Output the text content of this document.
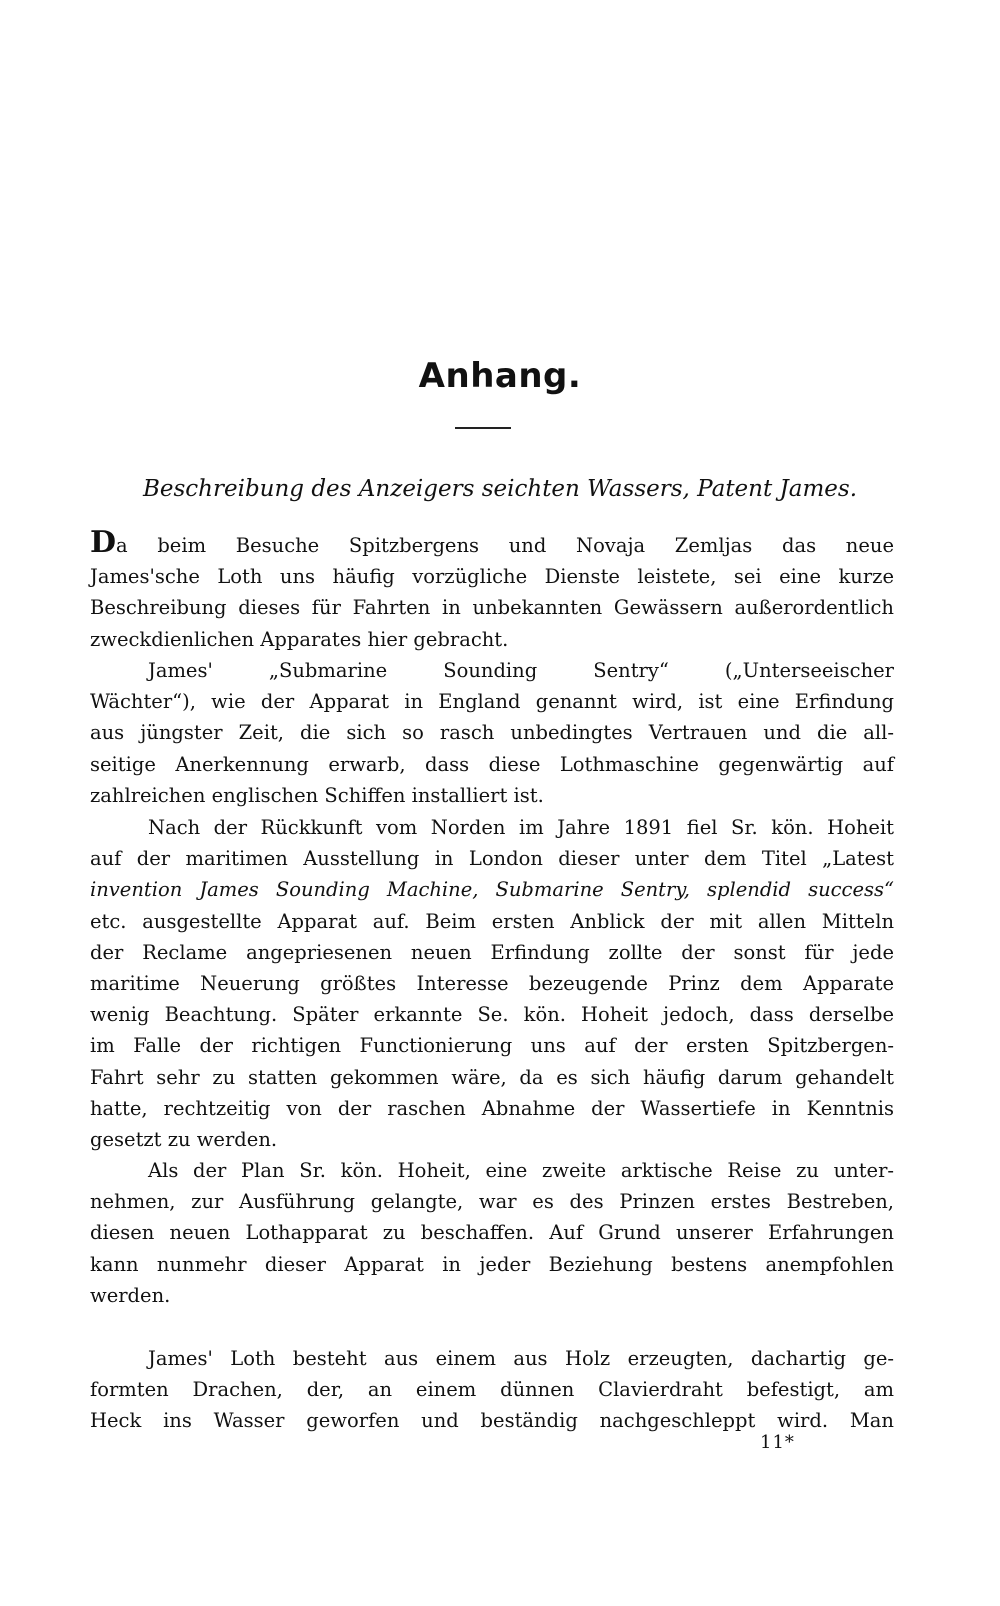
Anhang.
Beschreibung des Anzeigers seichten Wassers, Patent James.
Da beim Besuche Spitzbergens und Novaja Zemljas das neue
James'sche Loth uns häufig vorzügliche Dienste leistete, sei eine kurze
Beschreibung dieses für Fahrten in unbekannten Gewässern außerordentlich
zweckdienlichen Apparates hier gebracht.
James' „Submarine Sounding Sentry“ („Unterseeischer
Wächter“), wie der Apparat in England genannt wird, ist eine Erfindung
aus jüngster Zeit, die sich so rasch unbedingtes Vertrauen und die all-
seitige Anerkennung erwarb, dass diese Lothmaschine gegenwärtig auf
zahlreichen englischen Schiffen installiert ist.
Nach der Rückkunft vom Norden im Jahre 1891 fiel Sr. kön. Hoheit
auf der maritimen Ausstellung in London dieser unter dem Titel „Latest
invention James Sounding Machine, Submarine Sentry, splendid success“
etc. ausgestellte Apparat auf. Beim ersten Anblick der mit allen Mitteln
der Reclame angepriesenen neuen Erfindung zollte der sonst für jede
maritime Neuerung größtes Interesse bezeugende Prinz dem Apparate
wenig Beachtung. Später erkannte Se. kön. Hoheit jedoch, dass derselbe
im Falle der richtigen Functionierung uns auf der ersten Spitzbergen-
Fahrt sehr zu statten gekommen wäre, da es sich häufig darum gehandelt
hatte, rechtzeitig von der raschen Abnahme der Wassertiefe in Kenntnis
gesetzt zu werden.
Als der Plan Sr. kön. Hoheit, eine zweite arktische Reise zu unter-
nehmen, zur Ausführung gelangte, war es des Prinzen erstes Bestreben,
diesen neuen Lothapparat zu beschaffen. Auf Grund unserer Erfahrungen
kann nunmehr dieser Apparat in jeder Beziehung bestens anempfohlen
werden.
James' Loth besteht aus einem aus Holz erzeugten, dachartig ge-
formten Drachen, der, an einem dünnen Clavierdraht befestigt, am
Heck ins Wasser geworfen und beständig nachgeschleppt wird. Man
11*
